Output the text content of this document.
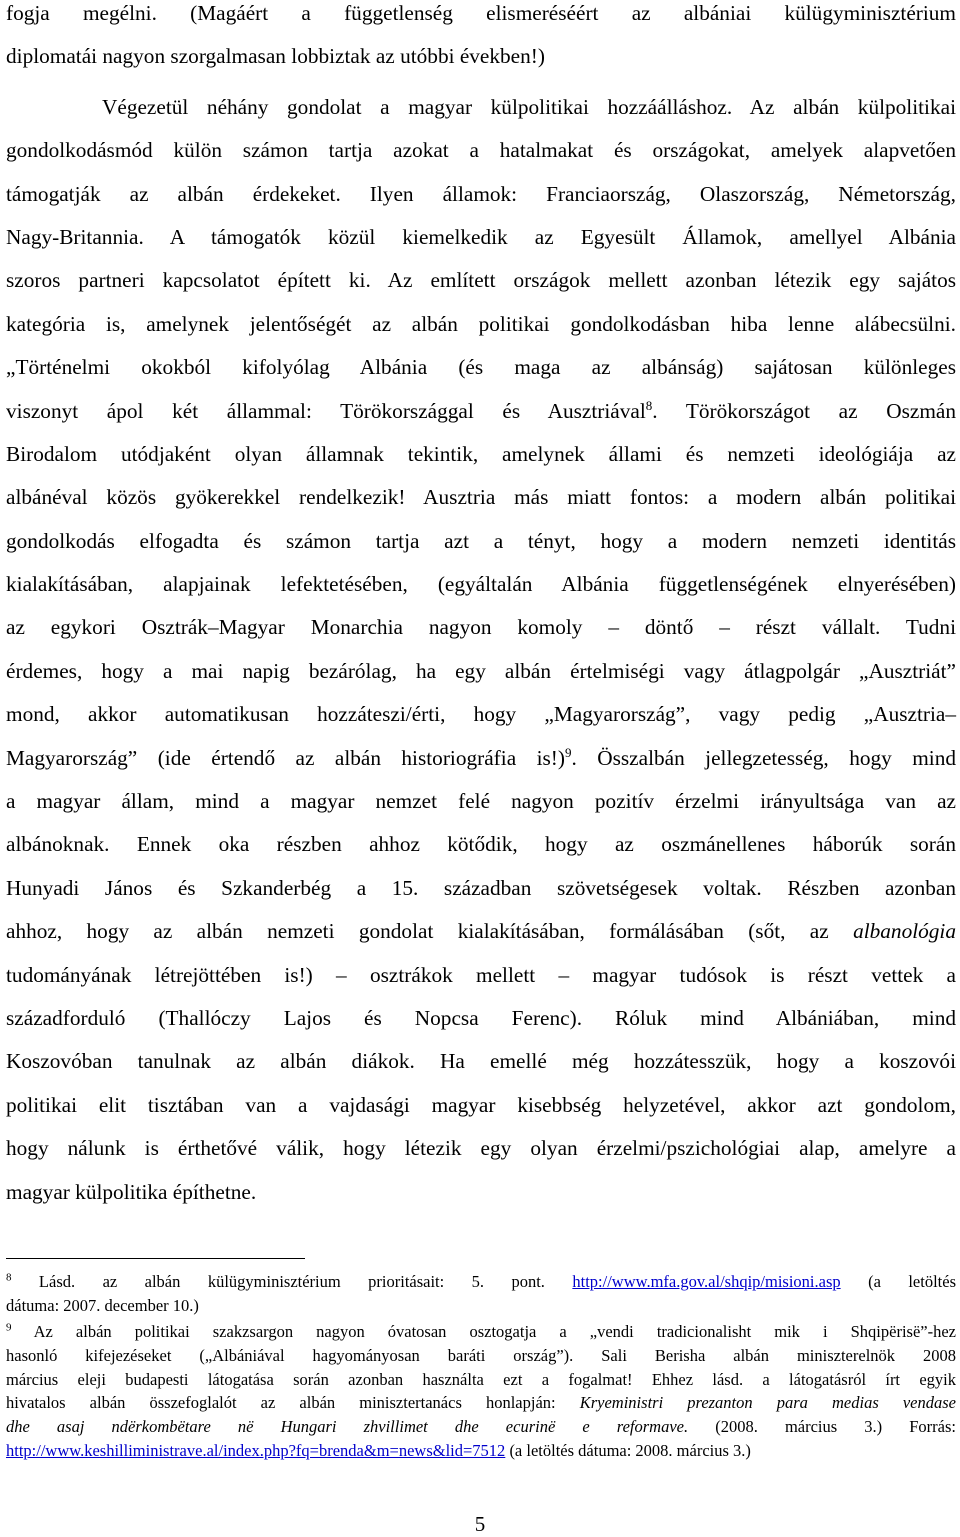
fogja megélni. (Magáért a függetlenség elismeréséért az albániai külügyminisztérium
diplomatái nagyon szorgalmasan lobbiztak az utóbbi években!)
Végezetül néhány gondolat a magyar külpolitikai hozzáálláshoz. Az albán külpolitikai
gondolkodásmód külön számon tartja azokat a hatalmakat és országokat, amelyek alapvetően
támogatják az albán érdekeket. Ilyen államok: Franciaország, Olaszország, Németország,
Nagy-Britannia. A támogatók közül kiemelkedik az Egyesült Államok, amellyel Albánia
szoros partneri kapcsolatot épített ki. Az említett országok mellett azonban létezik egy sajátos
kategória is, amelynek jelentőségét az albán politikai gondolkodásban hiba lenne alábecsülni.
„Történelmi okokból kifolyólag Albánia (és maga az albánság) sajátosan különleges
viszonyt ápol két állammal: Törökországgal és Ausztriával$^8$. Törökországot az Oszmán
Birodalom utódjaként olyan államnak tekintik, amelynek állami és nemzeti ideológiája az
albánéval közös gyökerekkel rendelkezik! Ausztria más miatt fontos: a modern albán politikai
gondolkodás elfogadta és számon tartja azt a tényt, hogy a modern nemzeti identitás
kialakításában, alapjainak lefektetésében, (egyáltalán Albánia függetlenségének elnyerésében)
az egykori Osztrák–Magyar Monarchia nagyon komoly – döntő – részt vállalt. Tudni
érdemes, hogy a mai napig bezárólag, ha egy albán értelmiségi vagy átlagpolgár „Ausztriát”
mond, akkor automatikusan hozzáteszi/érti, hogy „Magyarország”, vagy pedig „Ausztria–
Magyarország” (ide értendő az albán historiográfia is!)$^9$. Összalbán jellegzetesség, hogy mind
a magyar állam, mind a magyar nemzet felé nagyon pozitív érzelmi irányultsága van az
albánoknak. Ennek oka részben ahhoz kötődik, hogy az oszmánellenes háborúk során
Hunyadi János és Szkanderbég a 15. században szövetségesek voltak. Részben azonban
ahhoz, hogy az albán nemzeti gondolat kialakításában, formálásában (sőt, az albanológia
tudományának létrejöttében is!) – osztrákok mellett – magyar tudósok is részt vettek a
századforduló (Thallóczy Lajos és Nopcsa Ferenc). Róluk mind Albániában, mind
Koszovóban tanulnak az albán diákok. Ha emellé még hozzátesszük, hogy a koszovói
politikai elit tisztában van a vajdasági magyar kisebbség helyzetével, akkor azt gondolom,
hogy nálunk is érthetővé válik, hogy létezik egy olyan érzelmi/pszichológiai alap, amelyre a
magyar külpolitika építhetne.
$^8$ Lásd. az albán külügyminisztérium prioritásait: 5. pont. http://www.mfa.gov.al/shqip/misioni.asp (a letöltés
dátuma: 2007. december 10.)
$^9$ Az albán politikai szakzsargon nagyon óvatosan osztogatja a „vendi tradicionalisht mik i Shqipërisë”-hez
hasonló kifejezéseket („Albániával hagyományosan baráti ország”). Sali Berisha albán miniszterelnök 2008
március eleji budapesti látogatása során azonban használta ezt a fogalmat! Ehhez lásd. a látogatásról írt egyik
hivatalos albán összefoglalót az albán minisztertanács honlapján: Kryeministri prezanton para medias vendase
dhe asaj ndërkombëtare në Hungari zhvillimet dhe ecurinë e reformave. (2008. március 3.) Forrás:
http://www.keshilliministrave.al/index.php?fq=brenda&m=news&lid=7512 (a letöltés dátuma: 2008. március 3.)
5
